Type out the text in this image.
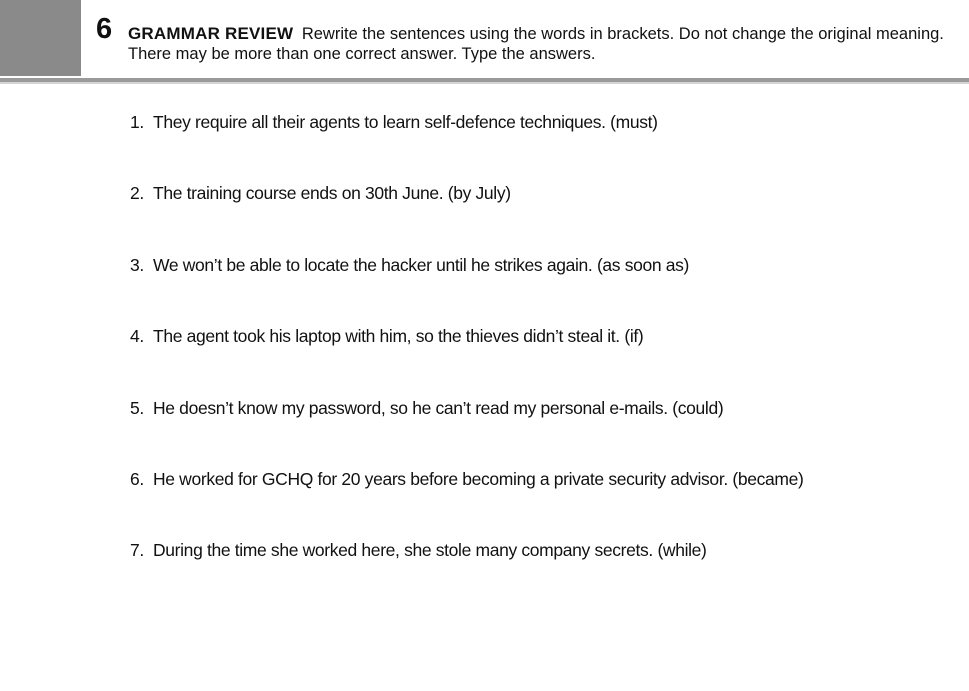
6 GRAMMAR REVIEW Rewrite the sentences using the words in brackets. Do not change the original meaning. There may be more than one correct answer. Type the answers.
1. They require all their agents to learn self-defence techniques. (must)
2. The training course ends on 30th June. (by July)
3. We won’t be able to locate the hacker until he strikes again. (as soon as)
4. The agent took his laptop with him, so the thieves didn’t steal it. (if)
5. He doesn’t know my password, so he can’t read my personal e-mails. (could)
6. He worked for GCHQ for 20 years before becoming a private security advisor. (became)
7. During the time she worked here, she stole many company secrets. (while)
